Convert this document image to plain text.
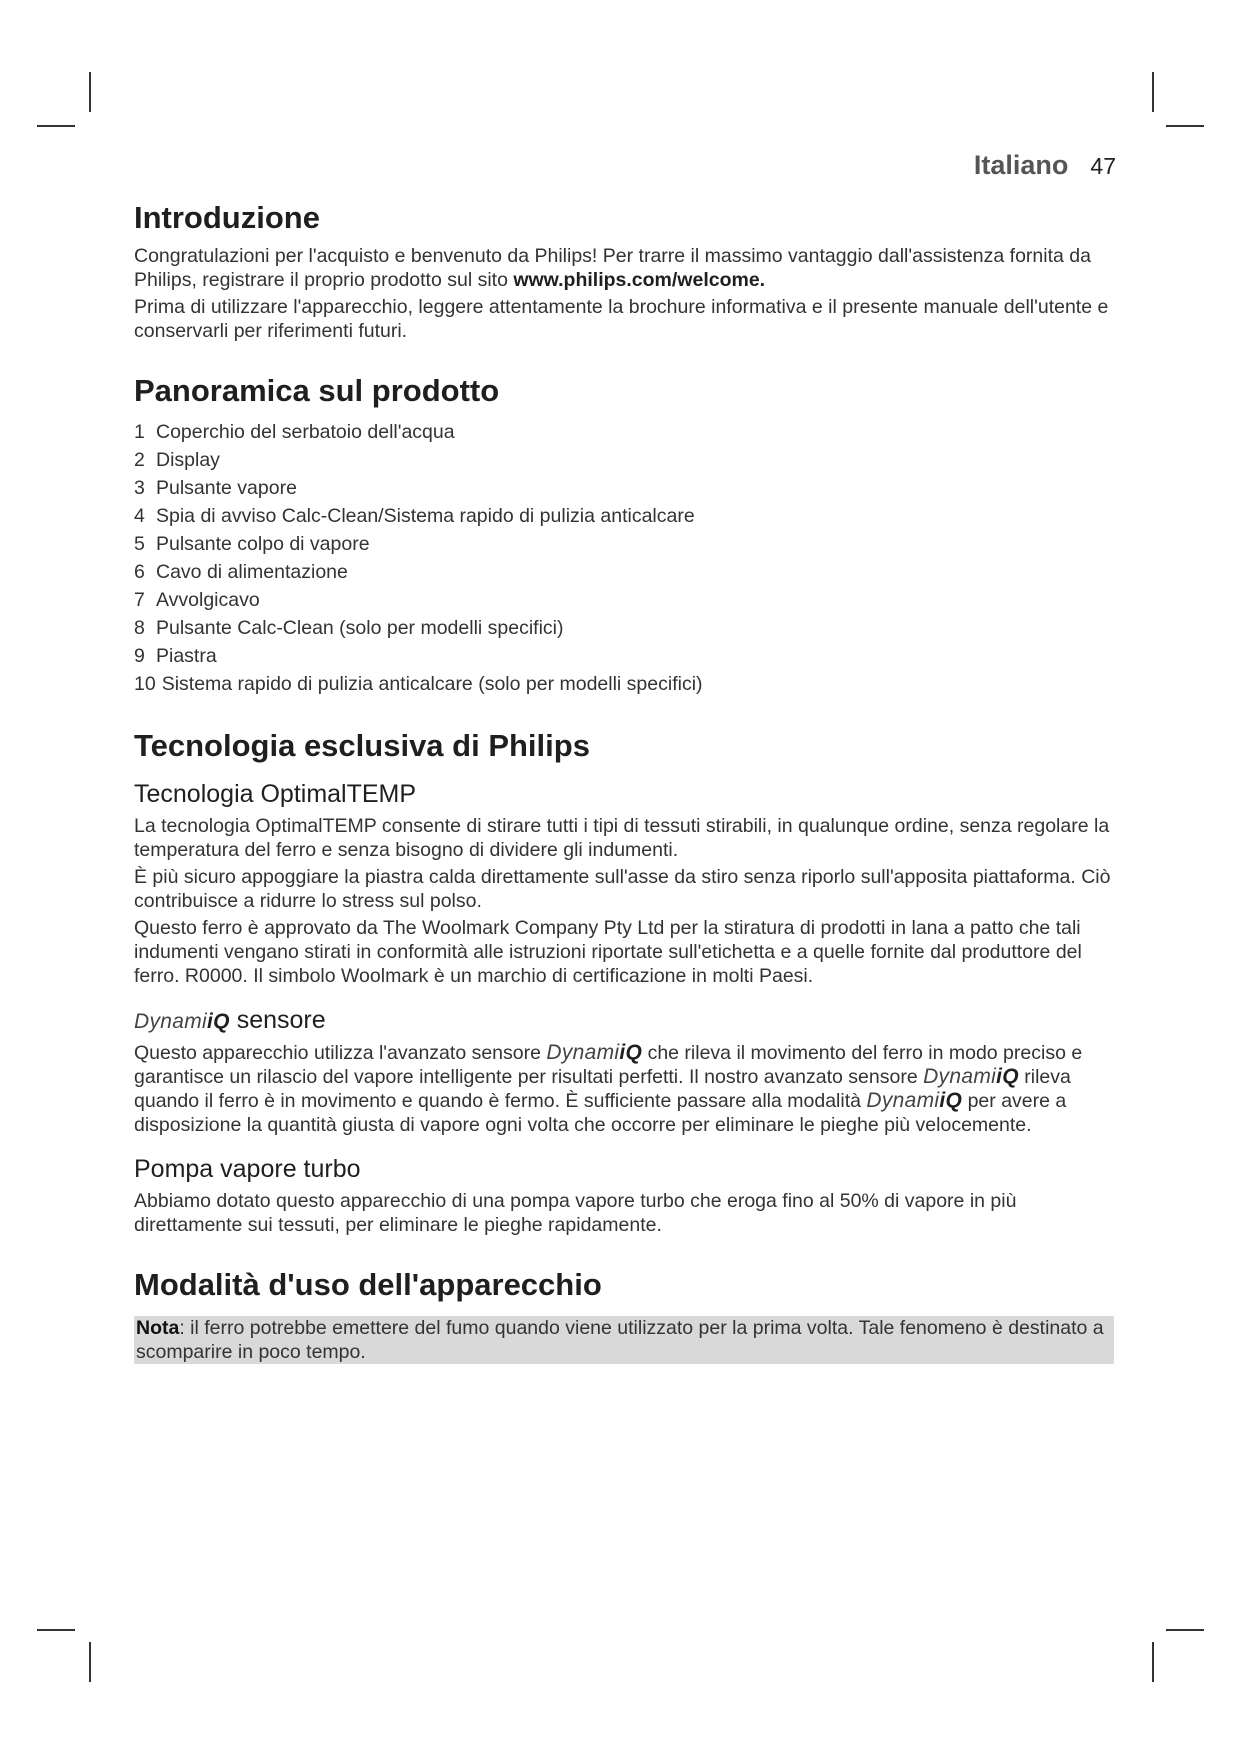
Italiano 47
Introduzione

Congratulazioni per l'acquisto e benvenuto da Philips! Per trarre il massimo vantaggio dall'assistenza fornita da Philips, registrare il proprio prodotto sul sito www.philips.com/welcome.

Prima di utilizzare l'apparecchio, leggere attentamente la brochure informativa e il presente manuale dell'utente e conservarli per riferimenti futuri.

Panoramica sul prodotto
1 Coperchio del serbatoio dell'acqua
2 Display
3 Pulsante vapore
4 Spia di avviso Calc-Clean/Sistema rapido di pulizia anticalcare
5 Pulsante colpo di vapore
6 Cavo di alimentazione
7 Avvolgicavo
8 Pulsante Calc-Clean (solo per modelli specifici)
9 Piastra
10 Sistema rapido di pulizia anticalcare (solo per modelli specifici)
Tecnologia esclusiva di Philips
Tecnologia OptimalTEMP

La tecnologia OptimalTEMP consente di stirare tutti i tipi di tessuti stirabili, in qualunque ordine, senza regolare la temperatura del ferro e senza bisogno di dividere gli indumenti.

È più sicuro appoggiare la piastra calda direttamente sull'asse da stiro senza riporlo sull'apposita piattaforma. Ciò contribuisce a ridurre lo stress sul polso.

Questo ferro è approvato da The Woolmark Company Pty Ltd per la stiratura di prodotti in lana a patto che tali indumenti vengano stirati in conformità alle istruzioni riportate sull'etichetta e a quelle fornite dal produttore del ferro. R0000. Il simbolo Woolmark è un marchio di certificazione in molti Paesi.

DynamiiQ sensore

Questo apparecchio utilizza l'avanzato sensore DynamiiQ che rileva il movimento del ferro in modo preciso e garantisce un rilascio del vapore intelligente per risultati perfetti. Il nostro avanzato sensore DynamiiQ rileva quando il ferro è in movimento e quando è fermo. È sufficiente passare alla modalità DynamiiQ per avere a disposizione la quantità giusta di vapore ogni volta che occorre per eliminare le pieghe più velocemente.

Pompa vapore turbo

Abbiamo dotato questo apparecchio di una pompa vapore turbo che eroga fino al 50% di vapore in più direttamente sui tessuti, per eliminare le pieghe rapidamente.

Modalità d'uso dell'apparecchio

Nota: il ferro potrebbe emettere del fumo quando viene utilizzato per la prima volta. Tale fenomeno è destinato a scomparire in poco tempo.
